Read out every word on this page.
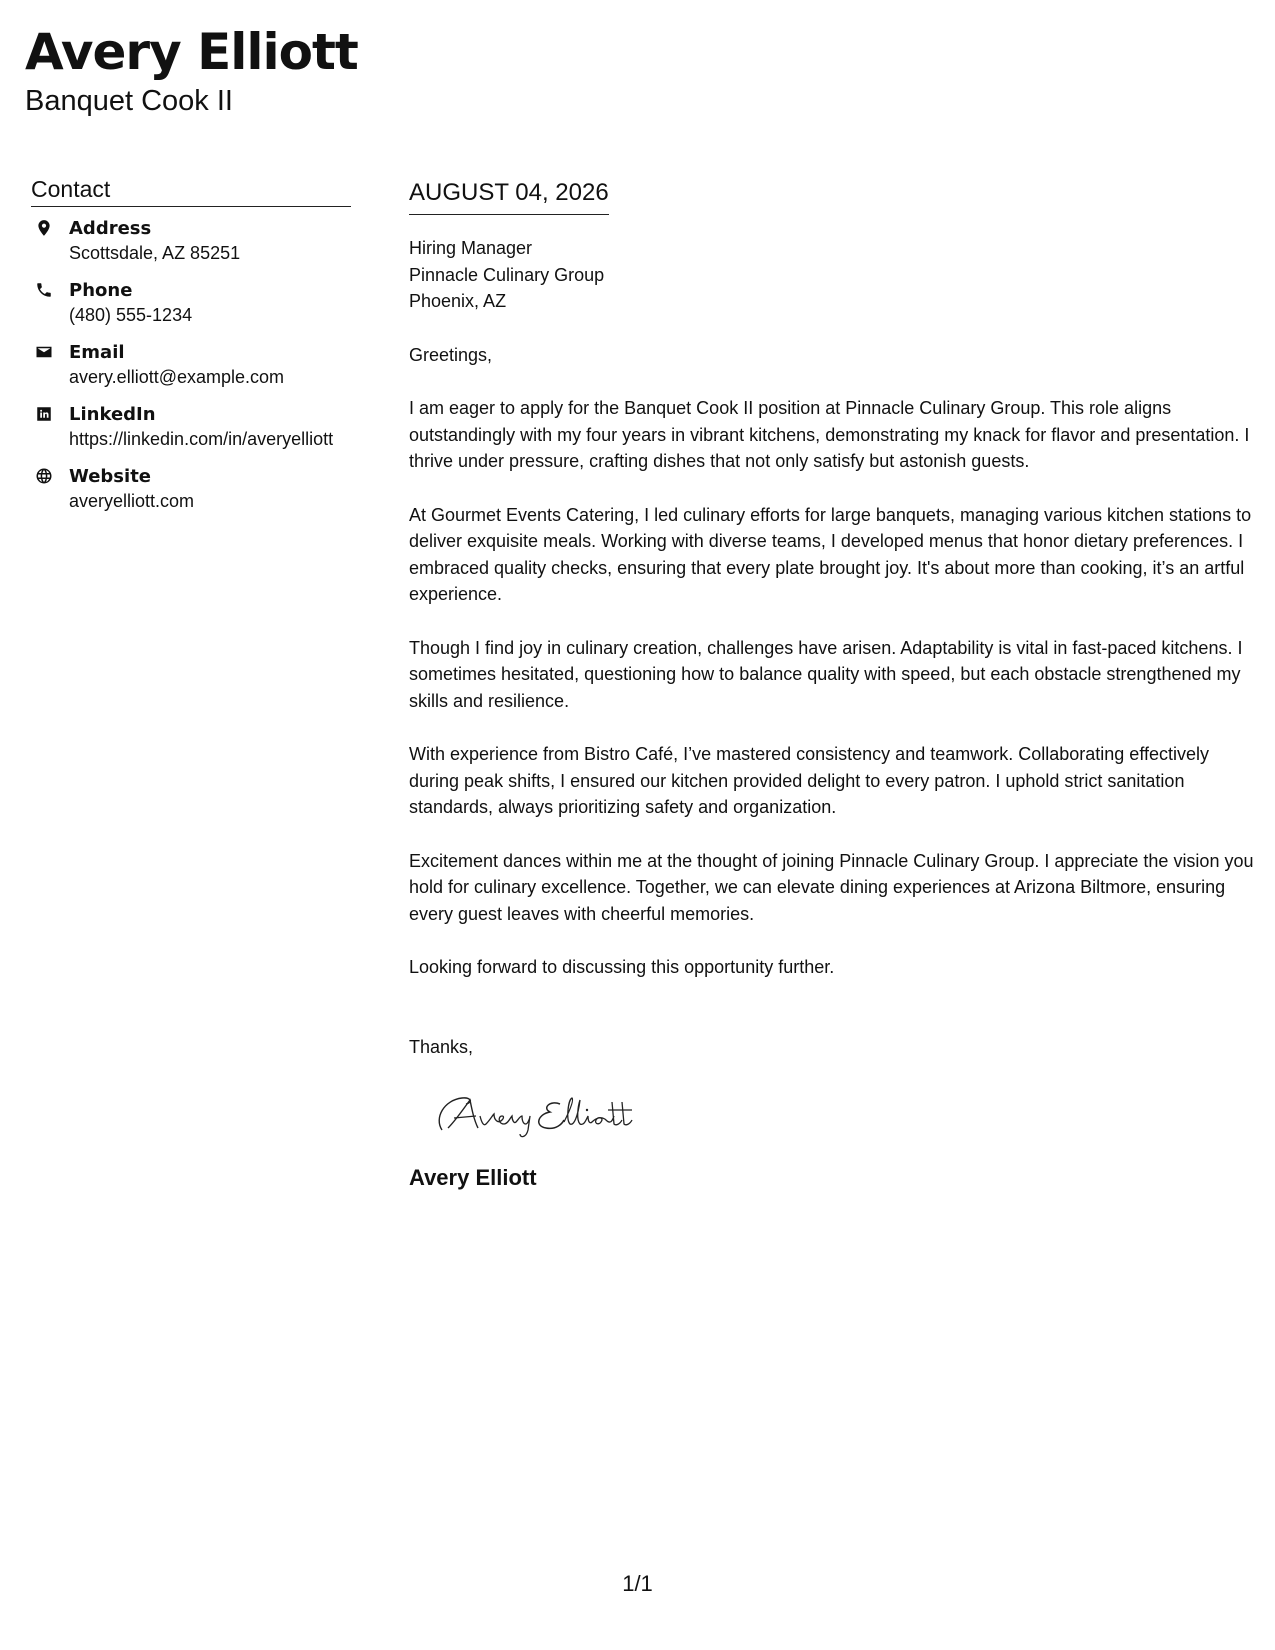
Avery Elliott
Banquet Cook II
Contact
Address
Scottsdale, AZ 85251
Phone
(480) 555-1234
Email
avery.elliott@example.com
LinkedIn
https://linkedin.com/in/averyelliott
Website
averyelliott.com
AUGUST 04, 2026
Hiring Manager
Pinnacle Culinary Group
Phoenix, AZ
Greetings,
I am eager to apply for the Banquet Cook II position at Pinnacle Culinary Group. This role aligns outstandingly with my four years in vibrant kitchens, demonstrating my knack for flavor and presentation. I thrive under pressure, crafting dishes that not only satisfy but astonish guests.
At Gourmet Events Catering, I led culinary efforts for large banquets, managing various kitchen stations to deliver exquisite meals. Working with diverse teams, I developed menus that honor dietary preferences. I embraced quality checks, ensuring that every plate brought joy. It's about more than cooking, it’s an artful experience.
Though I find joy in culinary creation, challenges have arisen. Adaptability is vital in fast-paced kitchens. I sometimes hesitated, questioning how to balance quality with speed, but each obstacle strengthened my skills and resilience.
With experience from Bistro Café, I’ve mastered consistency and teamwork. Collaborating effectively during peak shifts, I ensured our kitchen provided delight to every patron. I uphold strict sanitation standards, always prioritizing safety and organization.
Excitement dances within me at the thought of joining Pinnacle Culinary Group. I appreciate the vision you hold for culinary excellence. Together, we can elevate dining experiences at Arizona Biltmore, ensuring every guest leaves with cheerful memories.
Looking forward to discussing this opportunity further.
Thanks,
Avery Elliott
1/1
